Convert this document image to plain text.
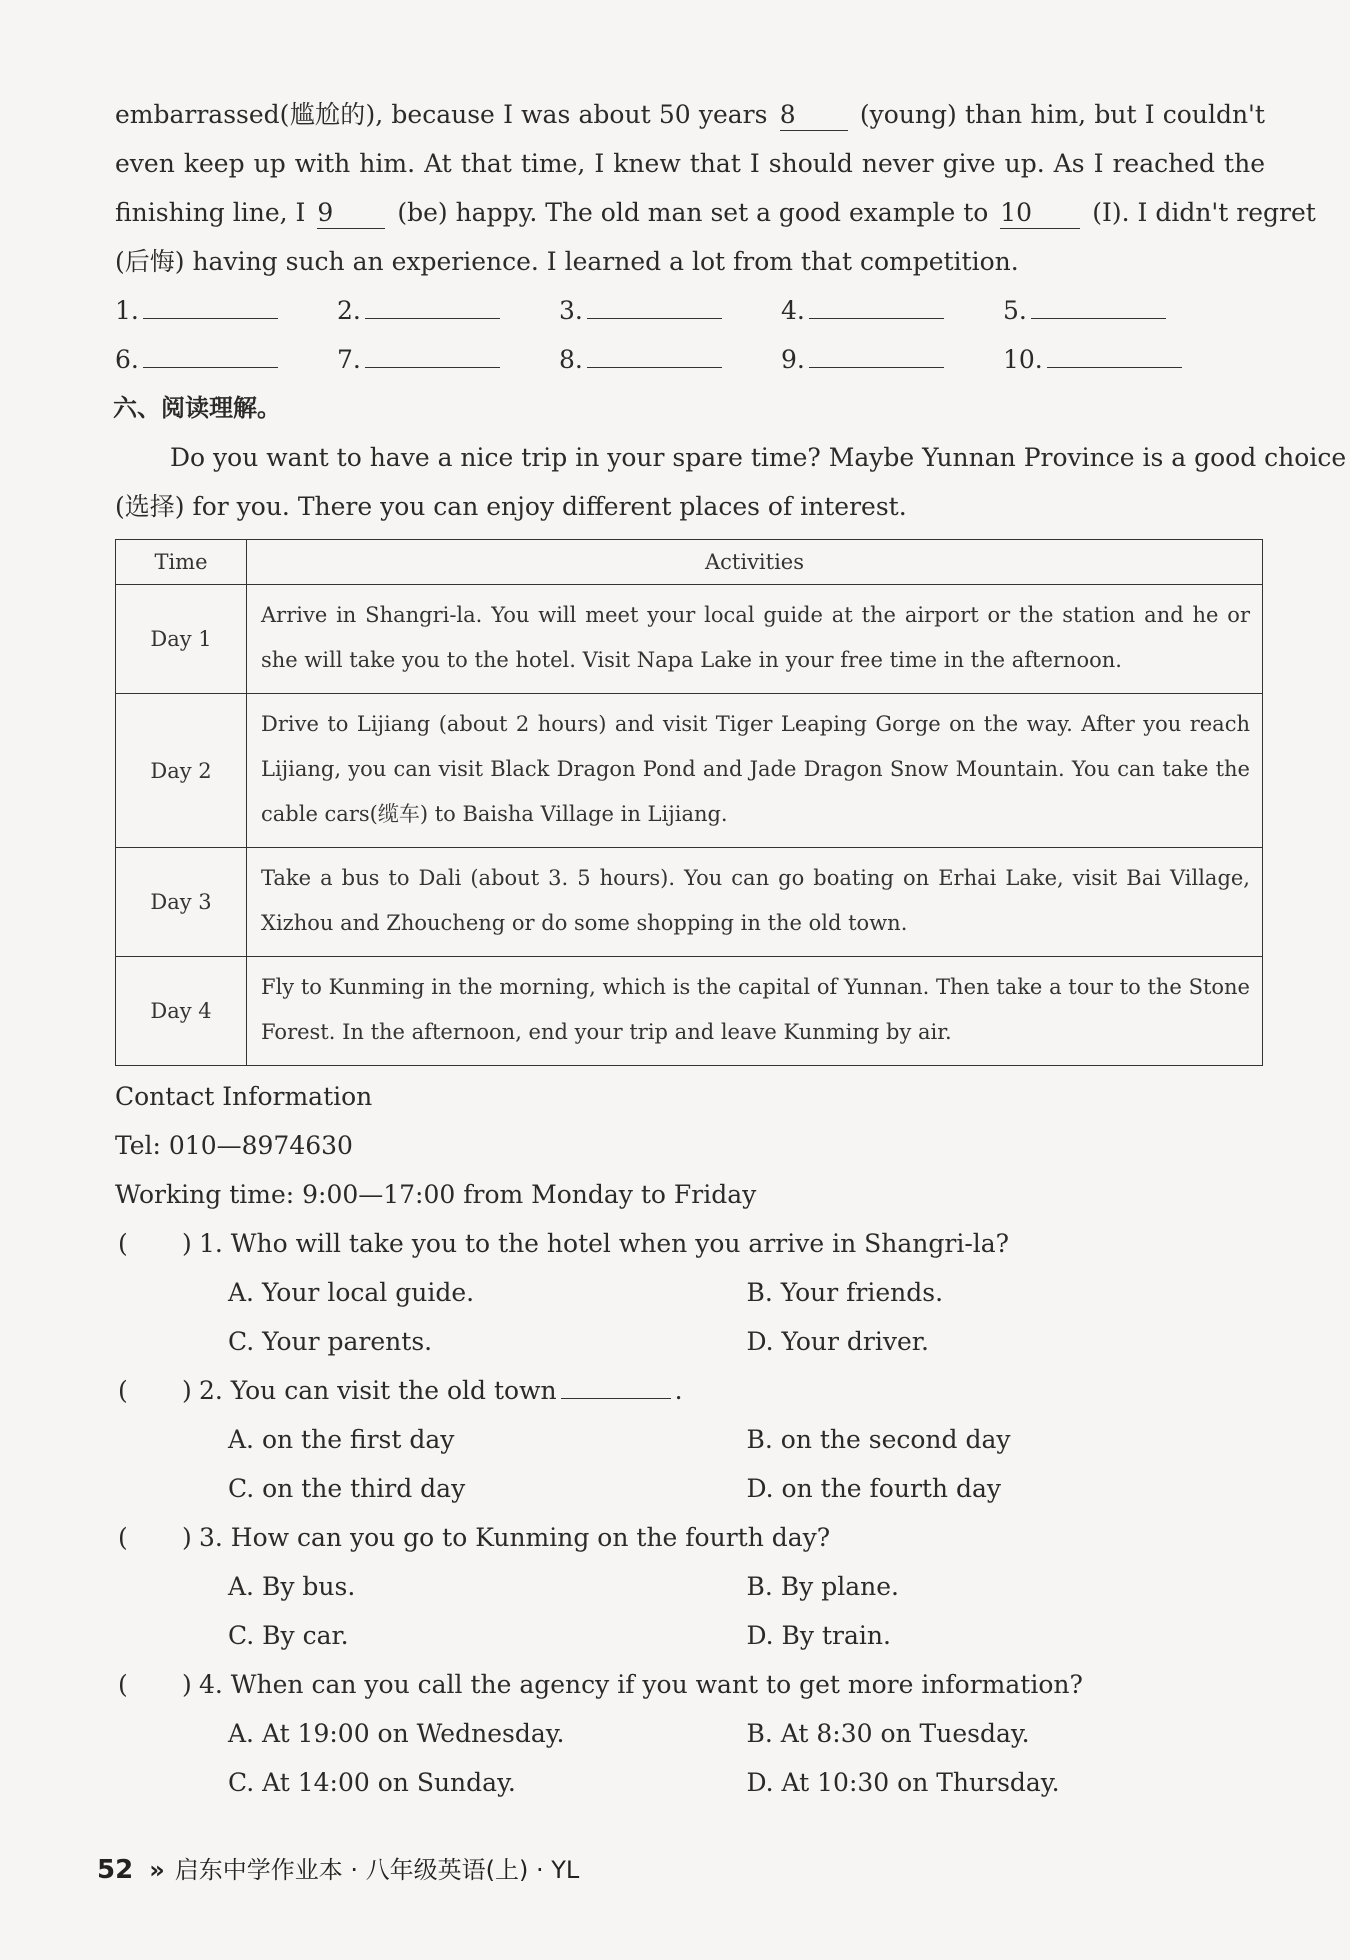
embarrassed(尴尬的), because I was about 50 years 8	(young) than him, but I couldn't
even keep up with him. At that time, I knew that I should never give up. As I reached the
finishing line, I 9	(be) happy. The old man set a good example to 10 (I). I didn't regret
(后悔) having such an experience. I learned a lot from that competition.
1.	2.	3.	4.	5.
6.	7.	8.	9.	10.
六、阅读理解。
Do you want to have a nice trip in your spare time? Maybe Yunnan Province is a good choice
(选择) for you. There you can enjoy different places of interest.
Time	Activities
Day 1	Arrive in Shangri-la. You will meet your local guide at the airport or the station and he or she will take you to the hotel. Visit Napa Lake in your free time in the afternoon.
Day 2	Drive to Lijiang (about 2 hours) and visit Tiger Leaping Gorge on the way. After you reach Lijiang, you can visit Black Dragon Pond and Jade Dragon Snow Mountain. You can take the cable cars(缆车) to Baisha Village in Lijiang.
Day 3	Take a bus to Dali (about 3. 5 hours). You can go boating on Erhai Lake, visit Bai Village, Xizhou and Zhoucheng or do some shopping in the old town.
Day 4	Fly to Kunming in the morning, which is the capital of Yunnan. Then take a tour to the Stone Forest. In the afternoon, end your trip and leave Kunming by air.
Contact Information
Tel: 010—8974630
Working time: 9:00—17:00 from Monday to Friday
( ) 1. Who will take you to the hotel when you arrive in Shangri-la?
A. Your local guide.	B. Your friends.
C. Your parents.	D. Your driver.
( ) 2. You can visit the old town	.
A. on the first day	B. on the second day
C. on the third day	D. on the fourth day
( ) 3. How can you go to Kunming on the fourth day?
A. By bus.	B. By plane.
C. By car.	D. By train.
( ) 4. When can you call the agency if you want to get more information?
A. At 19:00 on Wednesday.	B. At 8:30 on Tuesday.
C. At 14:00 on Sunday.	D. At 10:30 on Thursday.
52 » 启东中学作业本 · 八年级英语(上) · YL
